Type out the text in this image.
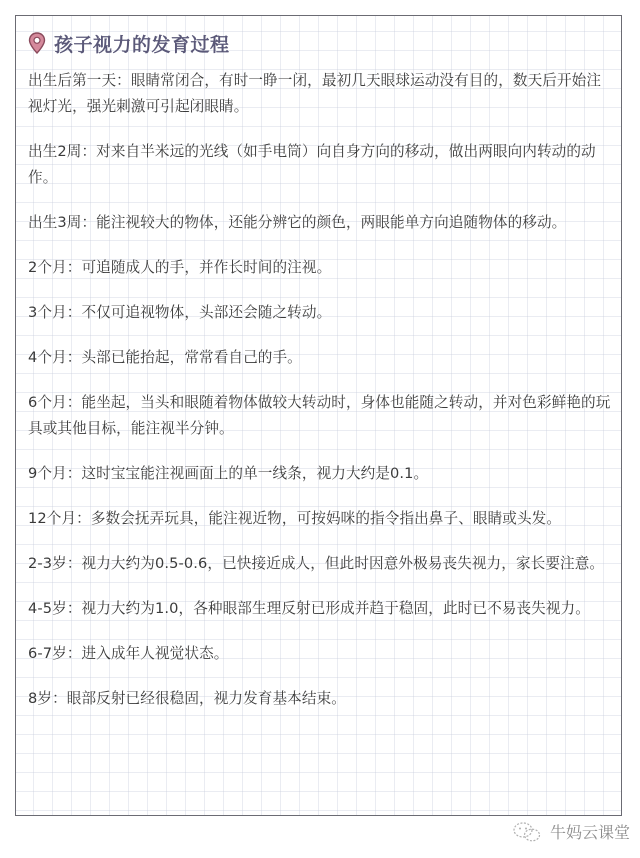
孩子视力的发育过程

出生后第一天：眼睛常闭合，有时一睁一闭，最初几天眼球运动没有目的，数天后开始注视灯光，强光刺激可引起闭眼睛。

出生2周：对来自半米远的光线（如手电筒）向自身方向的移动，做出两眼向内转动的动作。

出生3周：能注视较大的物体，还能分辨它的颜色，两眼能单方向追随物体的移动。

2个月：可追随成人的手，并作长时间的注视。

3个月：不仅可追视物体，头部还会随之转动。

4个月：头部已能抬起，常常看自己的手。

6个月：能坐起，当头和眼随着物体做较大转动时，身体也能随之转动，并对色彩鲜艳的玩具或其他目标，能注视半分钟。

9个月：这时宝宝能注视画面上的单一线条，视力大约是0.1。

12个月：多数会抚弄玩具，能注视近物，可按妈咪的指令指出鼻子、眼睛或头发。

2-3岁：视力大约为0.5-0.6，已快接近成人，但此时因意外极易丧失视力，家长要注意。

4-5岁：视力大约为1.0，各种眼部生理反射已形成并趋于稳固，此时已不易丧失视力。

6-7岁：进入成年人视觉状态。

8岁：眼部反射已经很稳固，视力发育基本结束。

牛妈云课堂
